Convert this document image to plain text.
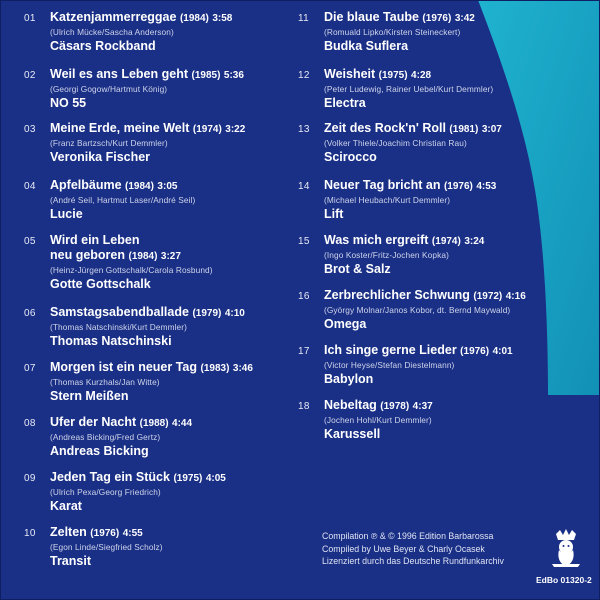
01	Katzenjammerreggae (1984) 3:58
(Ulrich Mücke/Sascha Anderson)
Cäsars Rockband
02	Weil es ans Leben geht (1985) 5:36
(Georgi Gogow/Hartmut König)
NO 55
03	Meine Erde, meine Welt (1974) 3:22
(Franz Bartzsch/Kurt Demmler)
Veronika Fischer
04	Apfelbäume (1984) 3:05
(André Seil, Hartmut Laser/André Seil)
Lucie
05	Wird ein Leben
neu geboren (1984) 3:27
(Heinz-Jürgen Gottschalk/Carola Rosbund)
Gotte Gottschalk
06	Samstagsabendballade (1979) 4:10
(Thomas Natschinski/Kurt Demmler)
Thomas Natschinski
07	Morgen ist ein neuer Tag (1983) 3:46
(Thomas Kurzhals/Jan Witte)
Stern Meißen
08	Ufer der Nacht (1988) 4:44
(Andreas Bicking/Fred Gertz)
Andreas Bicking
09	Jeden Tag ein Stück (1975) 4:05
(Ulrich Pexa/Georg Friedrich)
Karat
10	Zelten (1976) 4:55
(Egon Linde/Siegfried Scholz)
Transit
11	Die blaue Taube (1976) 3:42
(Romuald Lipko/Kirsten Steineckert)
Budka Suflera
12	Weisheit (1975) 4:28
(Peter Ludewig, Rainer Uebel/Kurt Demmler)
Electra
13	Zeit des Rock'n' Roll (1981) 3:07
(Volker Thiele/Joachim Christian Rau)
Scirocco
14	Neuer Tag bricht an (1976) 4:53
(Michael Heubach/Kurt Demmler)
Lift
15	Was mich ergreift (1974) 3:24
(Ingo Koster/Fritz-Jochen Kopka)
Brot & Salz
16	Zerbrechlicher Schwung (1972) 4:16
(György Molnar/Janos Kobor, dt. Bernd Maywald)
Omega
17	Ich singe gerne Lieder (1976) 4:01
(Victor Heyse/Stefan Diestelmann)
Babylon
18	Nebeltag (1978) 4:37
(Jochen Hohl/Kurt Demmler)
Karussell
Compilation ℗ & © 1996 Edition Barbarossa
Compiled by Uwe Beyer & Charly Ocasek
Lizenziert durch das Deutsche Rundfunkarchiv
EdBo 01320-2
